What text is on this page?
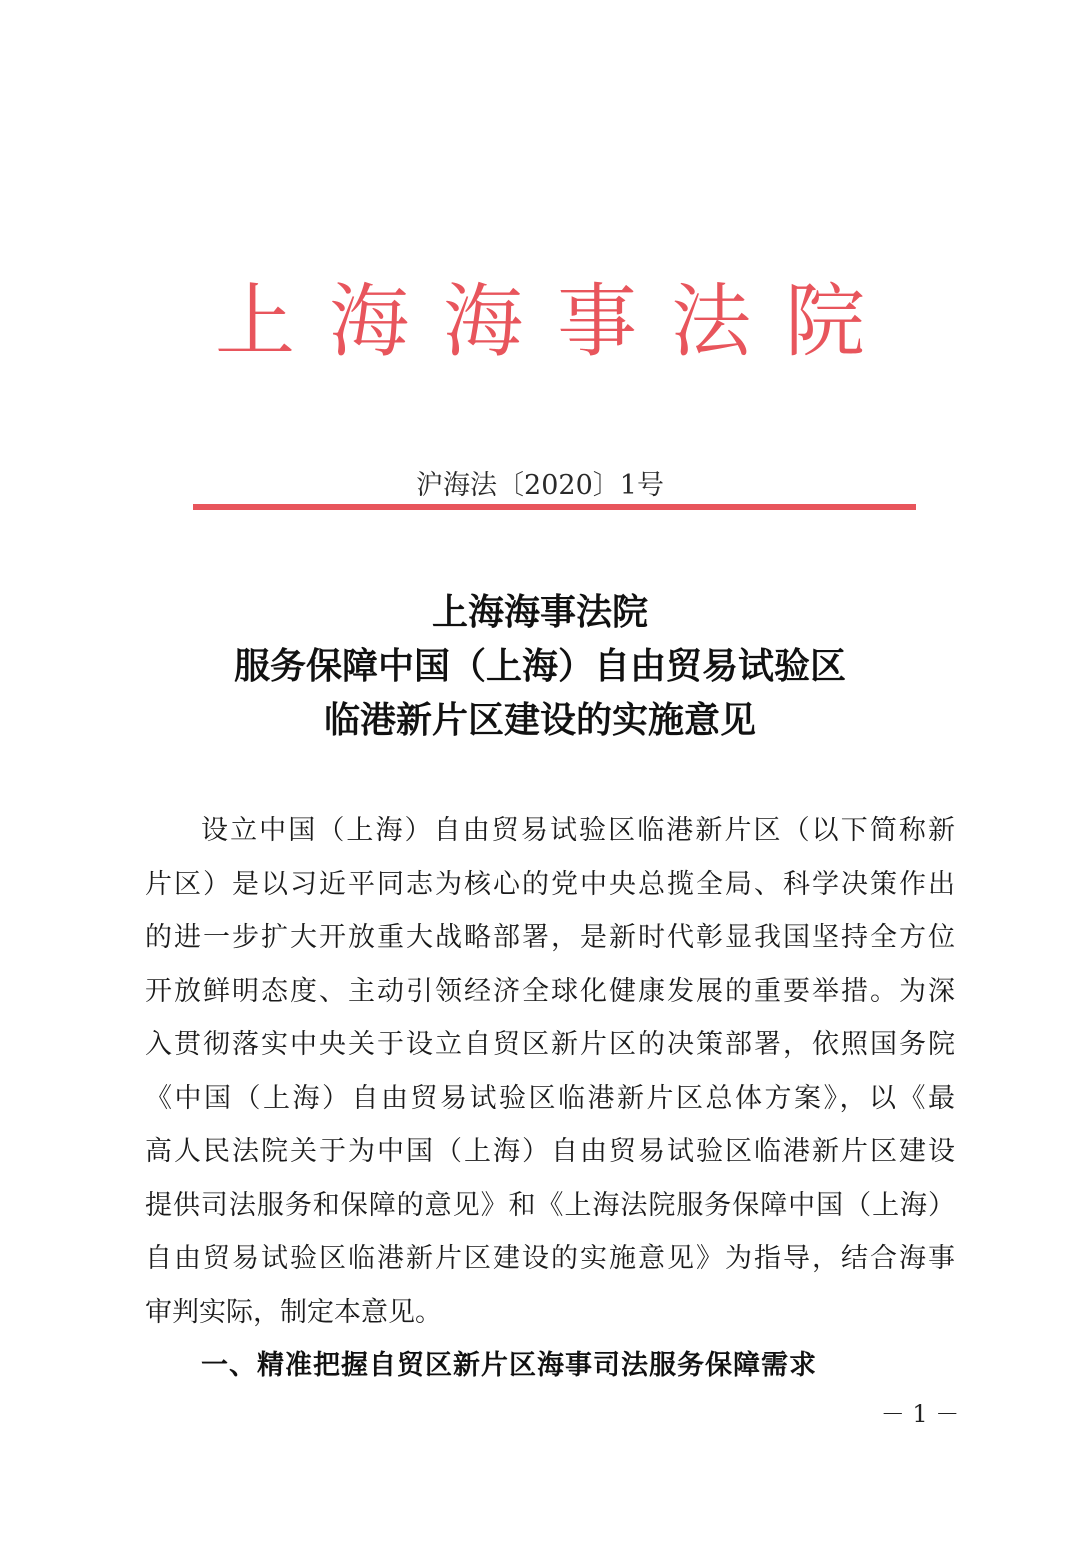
上海海事法院
沪海法〔2020〕1号
上海海事法院
服务保障中国（上海）自由贸易试验区
临港新片区建设的实施意见
设立中国（上海）自由贸易试验区临港新片区（以下简称新
片区）是以习近平同志为核心的党中央总揽全局、科学决策作出
的进一步扩大开放重大战略部署，是新时代彰显我国坚持全方位
开放鲜明态度、主动引领经济全球化健康发展的重要举措。为深
入贯彻落实中央关于设立自贸区新片区的决策部署，依照国务院
《中国（上海）自由贸易试验区临港新片区总体方案》，以《最
高人民法院关于为中国（上海）自由贸易试验区临港新片区建设
提供司法服务和保障的意见》和《上海法院服务保障中国（上海）
自由贸易试验区临港新片区建设的实施意见》为指导，结合海事
审判实际，制定本意见。
一、精准把握自贸区新片区海事司法服务保障需求
－ 1 －
